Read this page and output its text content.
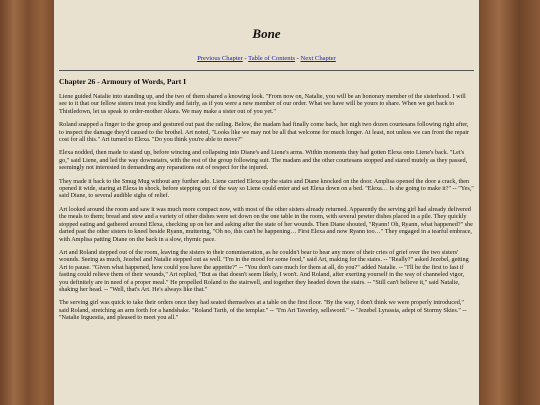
Bone
Previous Chapter - Table of Contents - Next Chapter
Chapter 26 - Armoury of Words, Part I

Liene guided Natalie into standing up, and the two of them shared a knowing look. "From now on, Natalie, you will be an honorary member of the sisterhood. I will see to it that our fellow sisters treat you kindly and fairly, as if you were a new member of our order. What we have will be yours to share. When we get back to Thistledown, let us speak to order-mother Akara. We may make a sister out of you yet."

Roland snapped a finger to the group and gestured out past the railing. Below, the madam had finally come back, her nigh two dozen courtesans following right after, to inspect the damage they'd caused to the brothel. Art noted, "Looks like we may not be all that welcome for much longer. At least, not unless we can front the repair cost for all this." Art turned to Elexa. "Do you think you're able to move?"

Elexa nodded, then made to stand up, before wincing and collapsing into Diane's and Liene's arms. Within moments they had gotten Elexa onto Liene's back. "Let's go," said Liene, and led the way downstairs, with the rest of the group following suit. The madam and the other courtesans stopped and stared mutely as they passed, seemingly not interested in demanding any reparations out of respect for the injured.

They made it back to the Smug Mug without any further ado. Liene carried Elexa up the stairs and Diane knocked on the door. Amplisa opened the door a crack, then opened it wide, staring at Elexa in shock, before stepping out of the way so Liene could enter and set Elexa down on a bed. "Elexa… Is she going to make it?" -- "Yes," said Diane, to several audible sighs of relief.

Art looked around the room and saw it was much more compact now, with most of the other sisters already returned. Apparently the serving girl had already delivered the meals to them; bread and stew and a variety of other dishes were set down on the one table in the room, with several pewter dishes placed in a pile. They quickly stopped eating and gathered around Elexa, checking up on her and asking after the state of her wounds. Then Diane shouted, "Ryann! Oh, Ryann, what happened?" she darted past the other sisters to kneel beside Ryann, muttering, "Oh no, this can't be happening… First Elexa and now Ryann too…" They engaged in a tearful embrace, with Amplisa patting Diane on the back in a slow, rhymic pace.

Art and Roland stepped out of the room, leaving the sisters to their commiseration, as he couldn't bear to hear any more of their cries of grief over the two sisters' wounds. Seeing as much, Jezebel and Natalie stepped out as well. "I'm in the mood for some food," said Art, making for the stairs. -- "Really?" asked Jezebel, getting Art to pause. "Given what happened, how could you have the appetite?" -- "You don't care much for them at all, do you?" added Natalie. -- "I'll be the first to fast if fasting could relieve them of their wounds," Art replied, "But as that doesn't seem likely, I won't. And Roland, after exerting yourself in the way of channeled vigor, you definitely are in need of a proper meal." He propelled Roland to the stairwell, and together they headed down the stairs. -- "Still can't believe it," said Natalie, shaking her head. -- "Well, that's Art. He's always like that."

The serving girl was quick to take their orders once they had seated themselves at a table on the first floor. "By the way, I don't think we were properly introduced," said Roland, stretching an arm forth for a handshake. "Roland Tarth, of the templar." -- "I'm Art Taverley, sellsword." -- "Jezebel Lyrassia, adept of Stormy Skies." -- "Natalie Inguestia, and pleased to meet you all."
